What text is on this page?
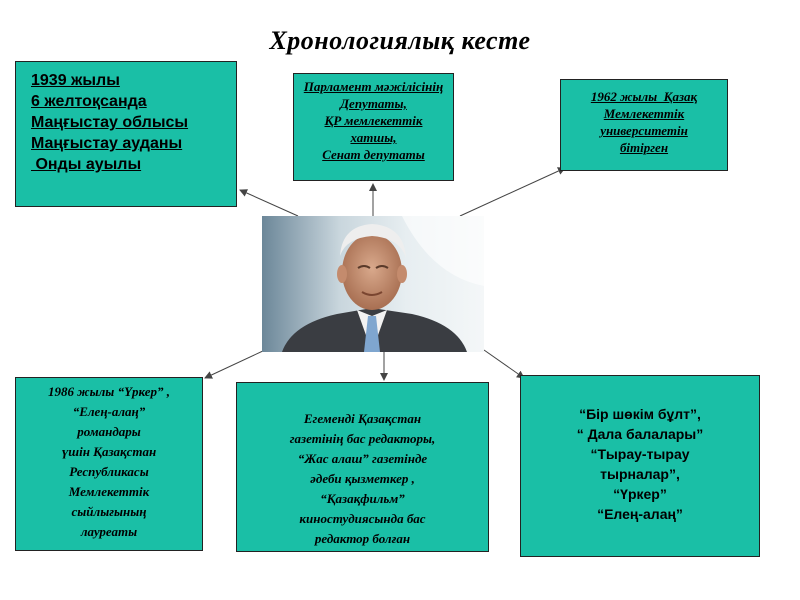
Хронологиялық кесте
1939 жылы
6 желтоқсанда
Маңғыстау облысы
Маңғыстау ауданы
Онды ауылы
Парламент мәжілісінің
Депутаты,
ҚР мемлекеттік
хатшы,
Сенат депутаты
1962 жылы  Қазақ
Мемлекеттік
университетін
бітірген
1986 жылы “Үркер” ,
“Елең-алаң”
романдары
үшін Қазақстан
Республикасы
Мемлекеттік
сыйлығының
лауреаты
Егеменді Қазақстан
газетінің бас редакторы,
“Жас алаш” газетінде
әдеби қызметкер ,
“Қазақфильм”
киностудиясында бас
редактор болған
“Бір шөкім бұлт”,
“ Дала балалары”
“Тырау-тырау
тырналар”,
“Үркер”
“Елең-алаң”
